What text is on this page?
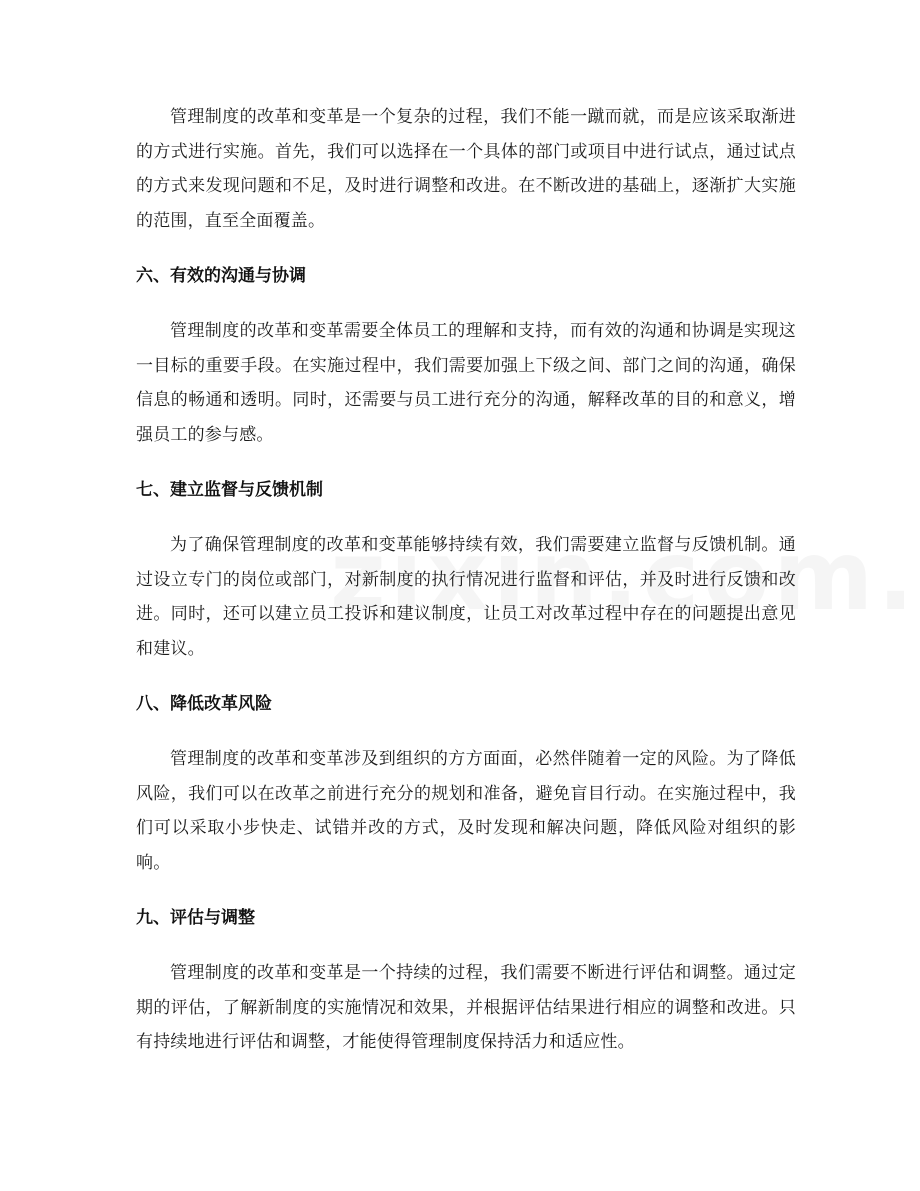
管理制度的改革和变革是一个复杂的过程，我们不能一蹴而就，而是应该采取渐进的方式进行实施。首先，我们可以选择在一个具体的部门或项目中进行试点，通过试点的方式来发现问题和不足，及时进行调整和改进。在不断改进的基础上，逐渐扩大实施的范围，直至全面覆盖。

六、有效的沟通与协调

管理制度的改革和变革需要全体员工的理解和支持，而有效的沟通和协调是实现这一目标的重要手段。在实施过程中，我们需要加强上下级之间、部门之间的沟通，确保信息的畅通和透明。同时，还需要与员工进行充分的沟通，解释改革的目的和意义，增强员工的参与感。

七、建立监督与反馈机制

为了确保管理制度的改革和变革能够持续有效，我们需要建立监督与反馈机制。通过设立专门的岗位或部门，对新制度的执行情况进行监督和评估，并及时进行反馈和改进。同时，还可以建立员工投诉和建议制度，让员工对改革过程中存在的问题提出意见和建议。

八、降低改革风险

管理制度的改革和变革涉及到组织的方方面面，必然伴随着一定的风险。为了降低风险，我们可以在改革之前进行充分的规划和准备，避免盲目行动。在实施过程中，我们可以采取小步快走、试错并改的方式，及时发现和解决问题，降低风险对组织的影响。

九、评估与调整

管理制度的改革和变革是一个持续的过程，我们需要不断进行评估和调整。通过定期的评估，了解新制度的实施情况和效果，并根据评估结果进行相应的调整和改进。只有持续地进行评估和调整，才能使得管理制度保持活力和适应性。
